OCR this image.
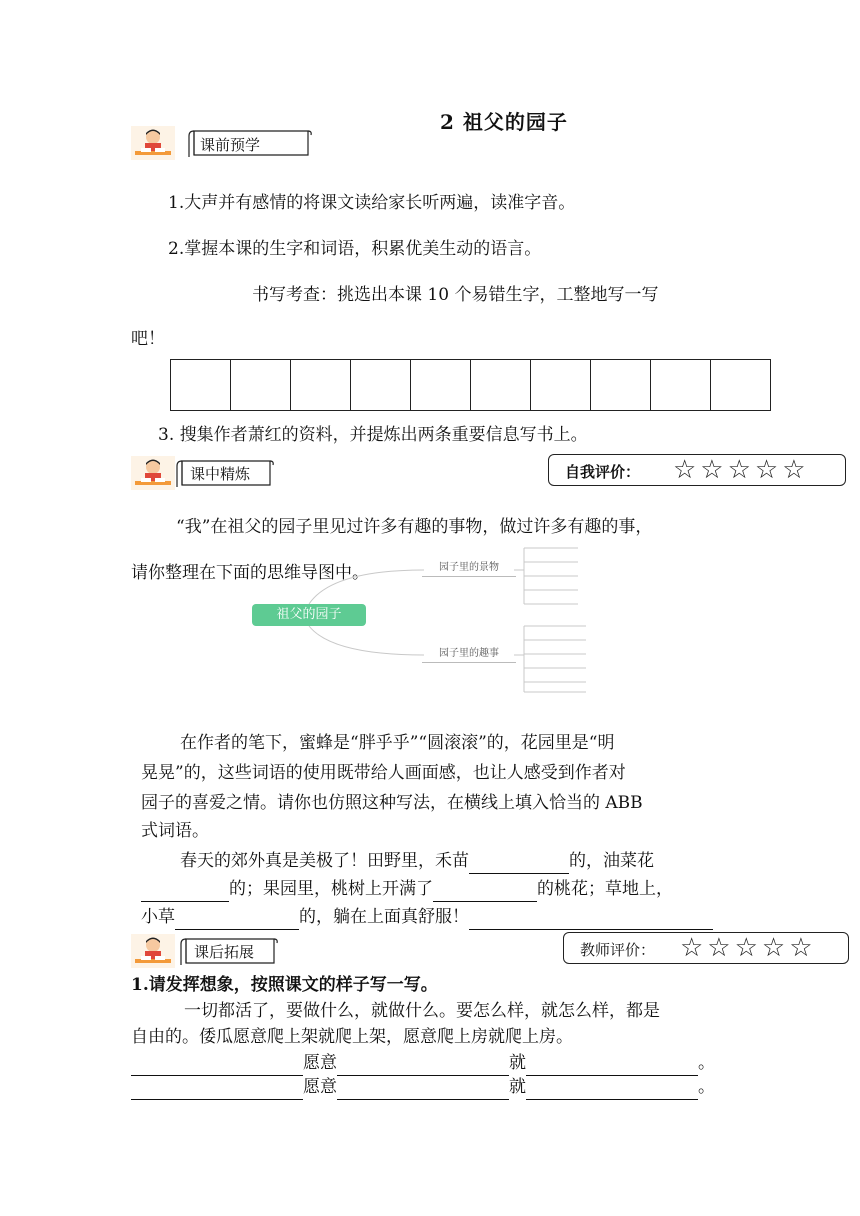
2 祖父的园子
课前预学
1.大声并有感情的将课文读给家长听两遍，读准字音。
2.掌握本课的生字和词语，积累优美生动的语言。
书写考查：挑选出本课 10 个易错生字，工整地写一写
吧！

3. 搜集作者萧红的资料，并提炼出两条重要信息写书上。
课中精炼	自我评价： ☆☆☆☆☆
“我”在祖父的园子里见过许多有趣的事物，做过许多有趣的事，
请你整理在下面的思维导图中。
祖父的园子
园子里的景物
园子里的趣事
在作者的笔下，蜜蜂是“胖乎乎”“圆滚滚”的，花园里是“明
晃晃”的，这些词语的使用既带给人画面感，也让人感受到作者对
园子的喜爱之情。请你也仿照这种写法，在横线上填入恰当的 ABB
式词语。
春天的郊外真是美极了！田野里，禾苗	的，油菜花
的；果园里，桃树上开满了	的桃花；草地上，
小草	的，躺在上面真舒服！
课后拓展	教师评价： ☆☆☆☆☆
1.请发挥想象，按照课文的样子写一写。
一切都活了，要做什么，就做什么。要怎么样，就怎么样，都是
自由的。倭瓜愿意爬上架就爬上架，愿意爬上房就爬上房。
愿意	就	。
愿意	就	。
